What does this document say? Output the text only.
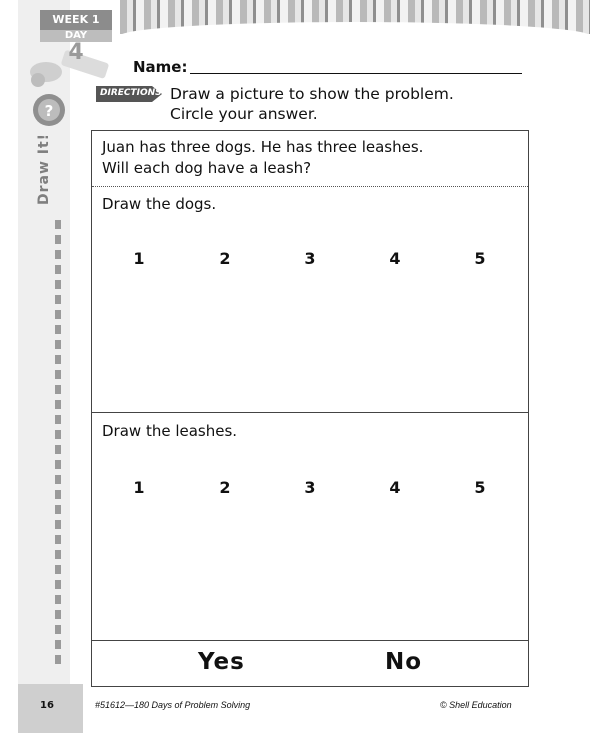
WEEK 1
DAY
4
?
Draw It!
Name:
DIRECTIONS: Draw a picture to show the problem.
Circle your answer.
Juan has three dogs. He has three leashes.
Will each dog have a leash?
Draw the dogs.
1	2	3	4	5
Draw the leashes.
1	2	3	4	5
Yes	No
16	#51612—180 Days of Problem Solving	© Shell Education
